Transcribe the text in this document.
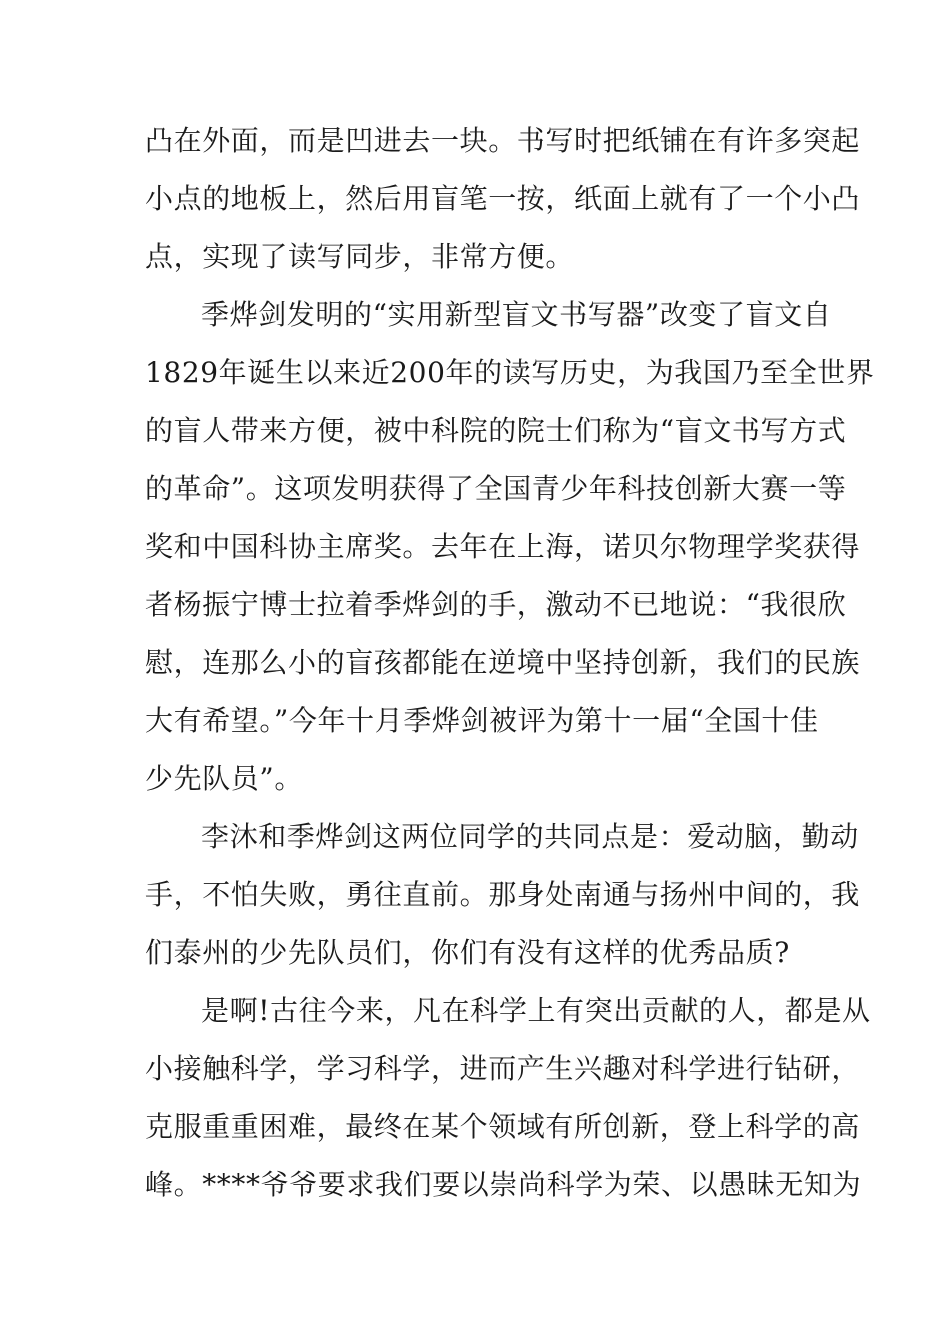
凸在外面，而是凹进去一块。书写时把纸铺在有许多突起
小点的地板上，然后用盲笔一按，纸面上就有了一个小凸
点，实现了读写同步，非常方便。
季烨剑发明的“实用新型盲文书写器”改变了盲文自
1829年诞生以来近200年的读写历史，为我国乃至全世界
的盲人带来方便，被中科院的院士们称为“盲文书写方式
的革命”。这项发明获得了全国青少年科技创新大赛一等
奖和中国科协主席奖。去年在上海，诺贝尔物理学奖获得
者杨振宁博士拉着季烨剑的手，激动不已地说：“我很欣
慰，连那么小的盲孩都能在逆境中坚持创新，我们的民族
大有希望。”今年十月季烨剑被评为第十一届“全国十佳
少先队员”。
李沐和季烨剑这两位同学的共同点是：爱动脑，勤动
手，不怕失败，勇往直前。那身处南通与扬州中间的，我
们泰州的少先队员们，你们有没有这样的优秀品质?
是啊!古往今来，凡在科学上有突出贡献的人，都是从
小接触科学，学习科学，进而产生兴趣对科学进行钻研，
克服重重困难，最终在某个领域有所创新，登上科学的高
峰。****爷爷要求我们要以崇尚科学为荣、以愚昧无知为
